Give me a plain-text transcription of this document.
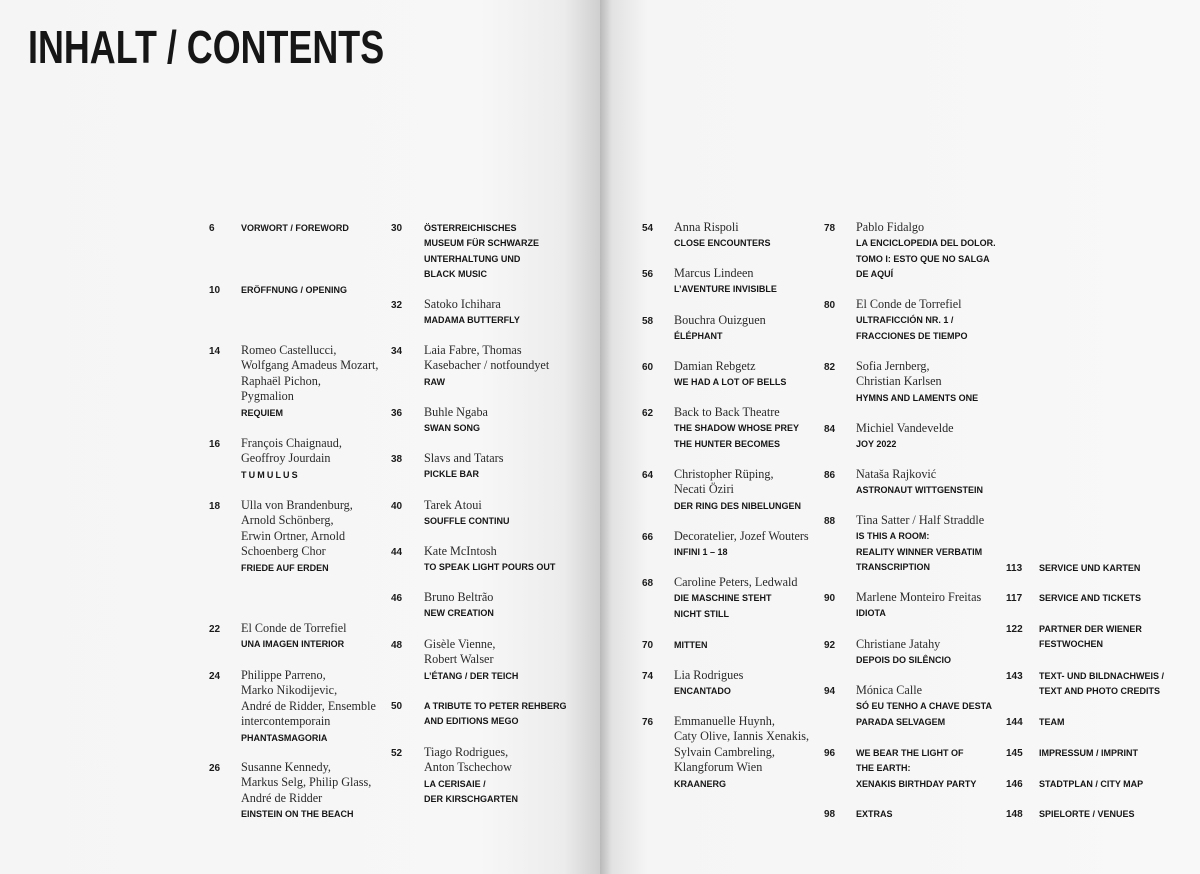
INHALT / CONTENTS
6	VORWORT / FOREWORD
10 ERÖFFNUNG / OPENING
14 Romeo Castellucci,
Wolfgang Amadeus Mozart,
Raphaël Pichon,
Pygmalion
REQUIEM
16 François Chaignaud,
Geoffroy Jourdain
TUMULUS
18 Ulla von Brandenburg,
Arnold Schönberg,
Erwin Ortner, Arnold
Schoenberg Chor
FRIEDE AUF ERDEN
22 El Conde de Torrefiel
UNA IMAGEN INTERIOR
24 Philippe Parreno,
Marko Nikodijevic,
André de Ridder, Ensemble
intercontemporain
PHANTASMAGORIA
26 Susanne Kennedy,
Markus Selg, Philip Glass,
André de Ridder
EINSTEIN ON THE BEACH
30 ÖSTERREICHISCHES
MUSEUM FÜR SCHWARZE
UNTERHALTUNG UND
BLACK MUSIC
32 Satoko Ichihara
MADAMA BUTTERFLY
34 Laia Fabre, Thomas
Kasebacher / notfoundyet
RAW
36 Buhle Ngaba
SWAN SONG
38 Slavs and Tatars
PICKLE BAR
40 Tarek Atoui
SOUFFLE CONTINU
44 Kate McIntosh
TO SPEAK LIGHT POURS OUT
46 Bruno Beltrão
NEW CREATION
48 Gisèle Vienne,
Robert Walser
L’ÉTANG / DER TEICH
50 A TRIBUTE TO PETER REHBERG
AND EDITIONS MEGO
52 Tiago Rodrigues,
Anton Tschechow
LA CERISAIE /
DER KIRSCHGARTEN
54 Anna Rispoli
CLOSE ENCOUNTERS
56 Marcus Lindeen
L’AVENTURE INVISIBLE
58 Bouchra Ouizguen
ÉLÉPHANT
60 Damian Rebgetz
WE HAD A LOT OF BELLS
62 Back to Back Theatre
THE SHADOW WHOSE PREY
THE HUNTER BECOMES
64 Christopher Rüping,
Necati Öziri
DER RING DES NIBELUNGEN
66 Decoratelier, Jozef Wouters
INFINI 1 – 18
68 Caroline Peters, Ledwald
DIE MASCHINE STEHT
NICHT STILL
70 MITTEN
74 Lia Rodrigues
ENCANTADO
76 Emmanuelle Huynh,
Caty Olive, Iannis Xenakis,
Sylvain Cambreling,
Klangforum Wien
KRAANERG
78 Pablo Fidalgo
LA ENCICLOPEDIA DEL DOLOR.
TOMO I: ESTO QUE NO SALGA
DE AQUÍ
80 El Conde de Torrefiel
ULTRAFICCIÓN NR. 1 /
FRACCIONES DE TIEMPO
82 Sofia Jernberg,
Christian Karlsen
HYMNS AND LAMENTS ONE
84 Michiel Vandevelde
JOY 2022
86 Nataša Rajković
ASTRONAUT WITTGENSTEIN
88 Tina Satter / Half Straddle
IS THIS A ROOM:
REALITY WINNER VERBATIM
TRANSCRIPTION
90 Marlene Monteiro Freitas
IDIOTA
92 Christiane Jatahy
DEPOIS DO SILÊNCIO
94 Mónica Calle
SÓ EU TENHO A CHAVE DESTA
PARADA SELVAGEM
96 WE BEAR THE LIGHT OF
THE EARTH:
XENAKIS BIRTHDAY PARTY
98 EXTRAS
113 SERVICE UND KARTEN
117 SERVICE AND TICKETS
122 PARTNER DER WIENER
FESTWOCHEN
143 TEXT- UND BILDNACHWEIS /
TEXT AND PHOTO CREDITS
144 TEAM
145 IMPRESSUM / IMPRINT
146 STADTPLAN / CITY MAP
148 SPIELORTE / VENUES
